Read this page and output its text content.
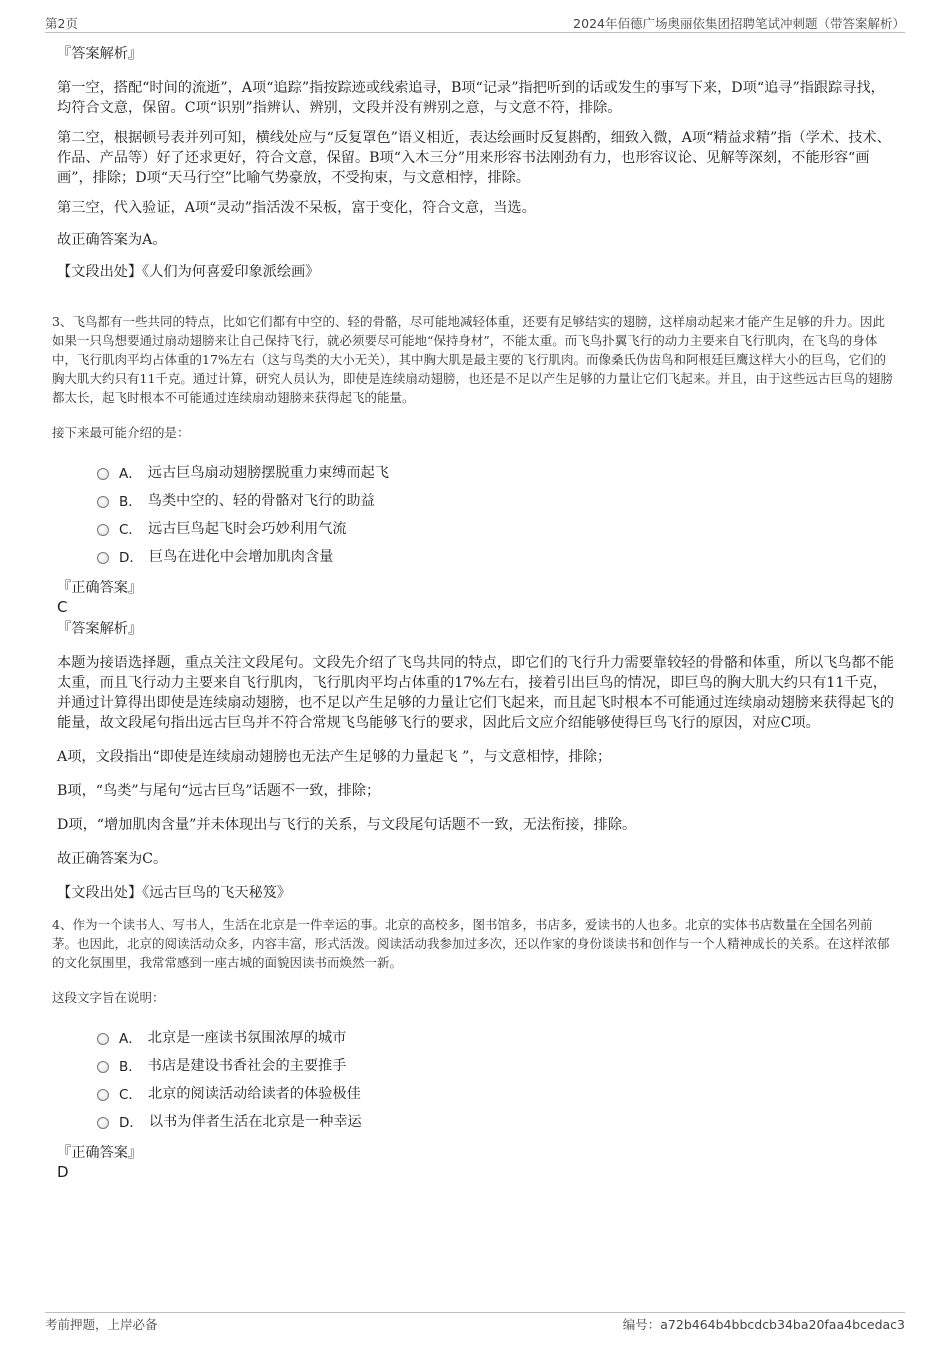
第2页	2024年佰德广场奥丽依集团招聘笔试冲刺题（带答案解析）

『答案解析』

第一空，搭配“时间的流逝”，A项“追踪”指按踪迹或线索追寻，B项“记录”指把听到的话或发生的事写下来，D项“追寻”指跟踪寻找，均符合文意，保留。C项“识别”指辨认、辨别，文段并没有辨别之意，与文意不符，排除。

第二空，根据顿号表并列可知，横线处应与“反复罩色”语义相近，表达绘画时反复斟酌，细致入微，A项“精益求精”指（学术、技术、作品、产品等）好了还求更好，符合文意，保留。B项“入木三分”用来形容书法刚劲有力，也形容议论、见解等深刻，不能形容“画画”，排除；D项“天马行空”比喻气势豪放，不受拘束，与文意相悖，排除。

第三空，代入验证，A项“灵动”指活泼不呆板，富于变化，符合文意，当选。

故正确答案为A。

【文段出处】《人们为何喜爱印象派绘画》

3、飞鸟都有一些共同的特点，比如它们都有中空的、轻的骨骼，尽可能地减轻体重，还要有足够结实的翅膀，这样扇动起来才能产生足够的升力。因此如果一只鸟想要通过扇动翅膀来让自己保持飞行，就必须要尽可能地“保持身材”，不能太重。而飞鸟扑翼飞行的动力主要来自飞行肌肉，在飞鸟的身体中，飞行肌肉平均占体重的17%左右（这与鸟类的大小无关），其中胸大肌是最主要的飞行肌肉。而像桑氏伪齿鸟和阿根廷巨鹰这样大小的巨鸟，它们的胸大肌大约只有11千克。通过计算，研究人员认为，即使是连续扇动翅膀，也还是不足以产生足够的力量让它们飞起来。并且，由于这些远古巨鸟的翅膀都太长，起飞时根本不可能通过连续扇动翅膀来获得起飞的能量。

接下来最可能介绍的是：

A． 远古巨鸟扇动翅膀摆脱重力束缚而起飞
B． 鸟类中空的、轻的骨骼对飞行的助益
C． 远古巨鸟起飞时会巧妙利用气流
D． 巨鸟在进化中会增加肌肉含量

『正确答案』

C

『答案解析』

本题为接语选择题，重点关注文段尾句。文段先介绍了飞鸟共同的特点，即它们的飞行升力需要靠较轻的骨骼和体重，所以飞鸟都不能太重，而且飞行动力主要来自飞行肌肉，飞行肌肉平均占体重的17%左右，接着引出巨鸟的情况，即巨鸟的胸大肌大约只有11千克，并通过计算得出即使是连续扇动翅膀，也不足以产生足够的力量让它们飞起来，而且起飞时根本不可能通过连续扇动翅膀来获得起飞的能量，故文段尾句指出远古巨鸟并不符合常规飞鸟能够飞行的要求，因此后文应介绍能够使得巨鸟飞行的原因，对应C项。

A项，文段指出“即使是连续扇动翅膀也无法产生足够的力量起飞 ”，与文意相悖，排除；

B项，“鸟类”与尾句“远古巨鸟”话题不一致，排除；

D项，“增加肌肉含量”并未体现出与飞行的关系，与文段尾句话题不一致，无法衔接，排除。

故正确答案为C。

【文段出处】《远古巨鸟的飞天秘笈》

4、作为一个读书人、写书人，生活在北京是一件幸运的事。北京的高校多，图书馆多，书店多，爱读书的人也多。北京的实体书店数量在全国名列前茅。也因此，北京的阅读活动众多，内容丰富，形式活泼。阅读活动我参加过多次，还以作家的身份谈读书和创作与一个人精神成长的关系。在这样浓郁的文化氛围里，我常常感到一座古城的面貌因读书而焕然一新。

这段文字旨在说明：

A． 北京是一座读书氛围浓厚的城市
B． 书店是建设书香社会的主要推手
C． 北京的阅读活动给读者的体验极佳
D． 以书为伴者生活在北京是一种幸运

『正确答案』

D

考前押题，上岸必备	编号：a72b464b4bbcdcb34ba20faa4bcedac3
